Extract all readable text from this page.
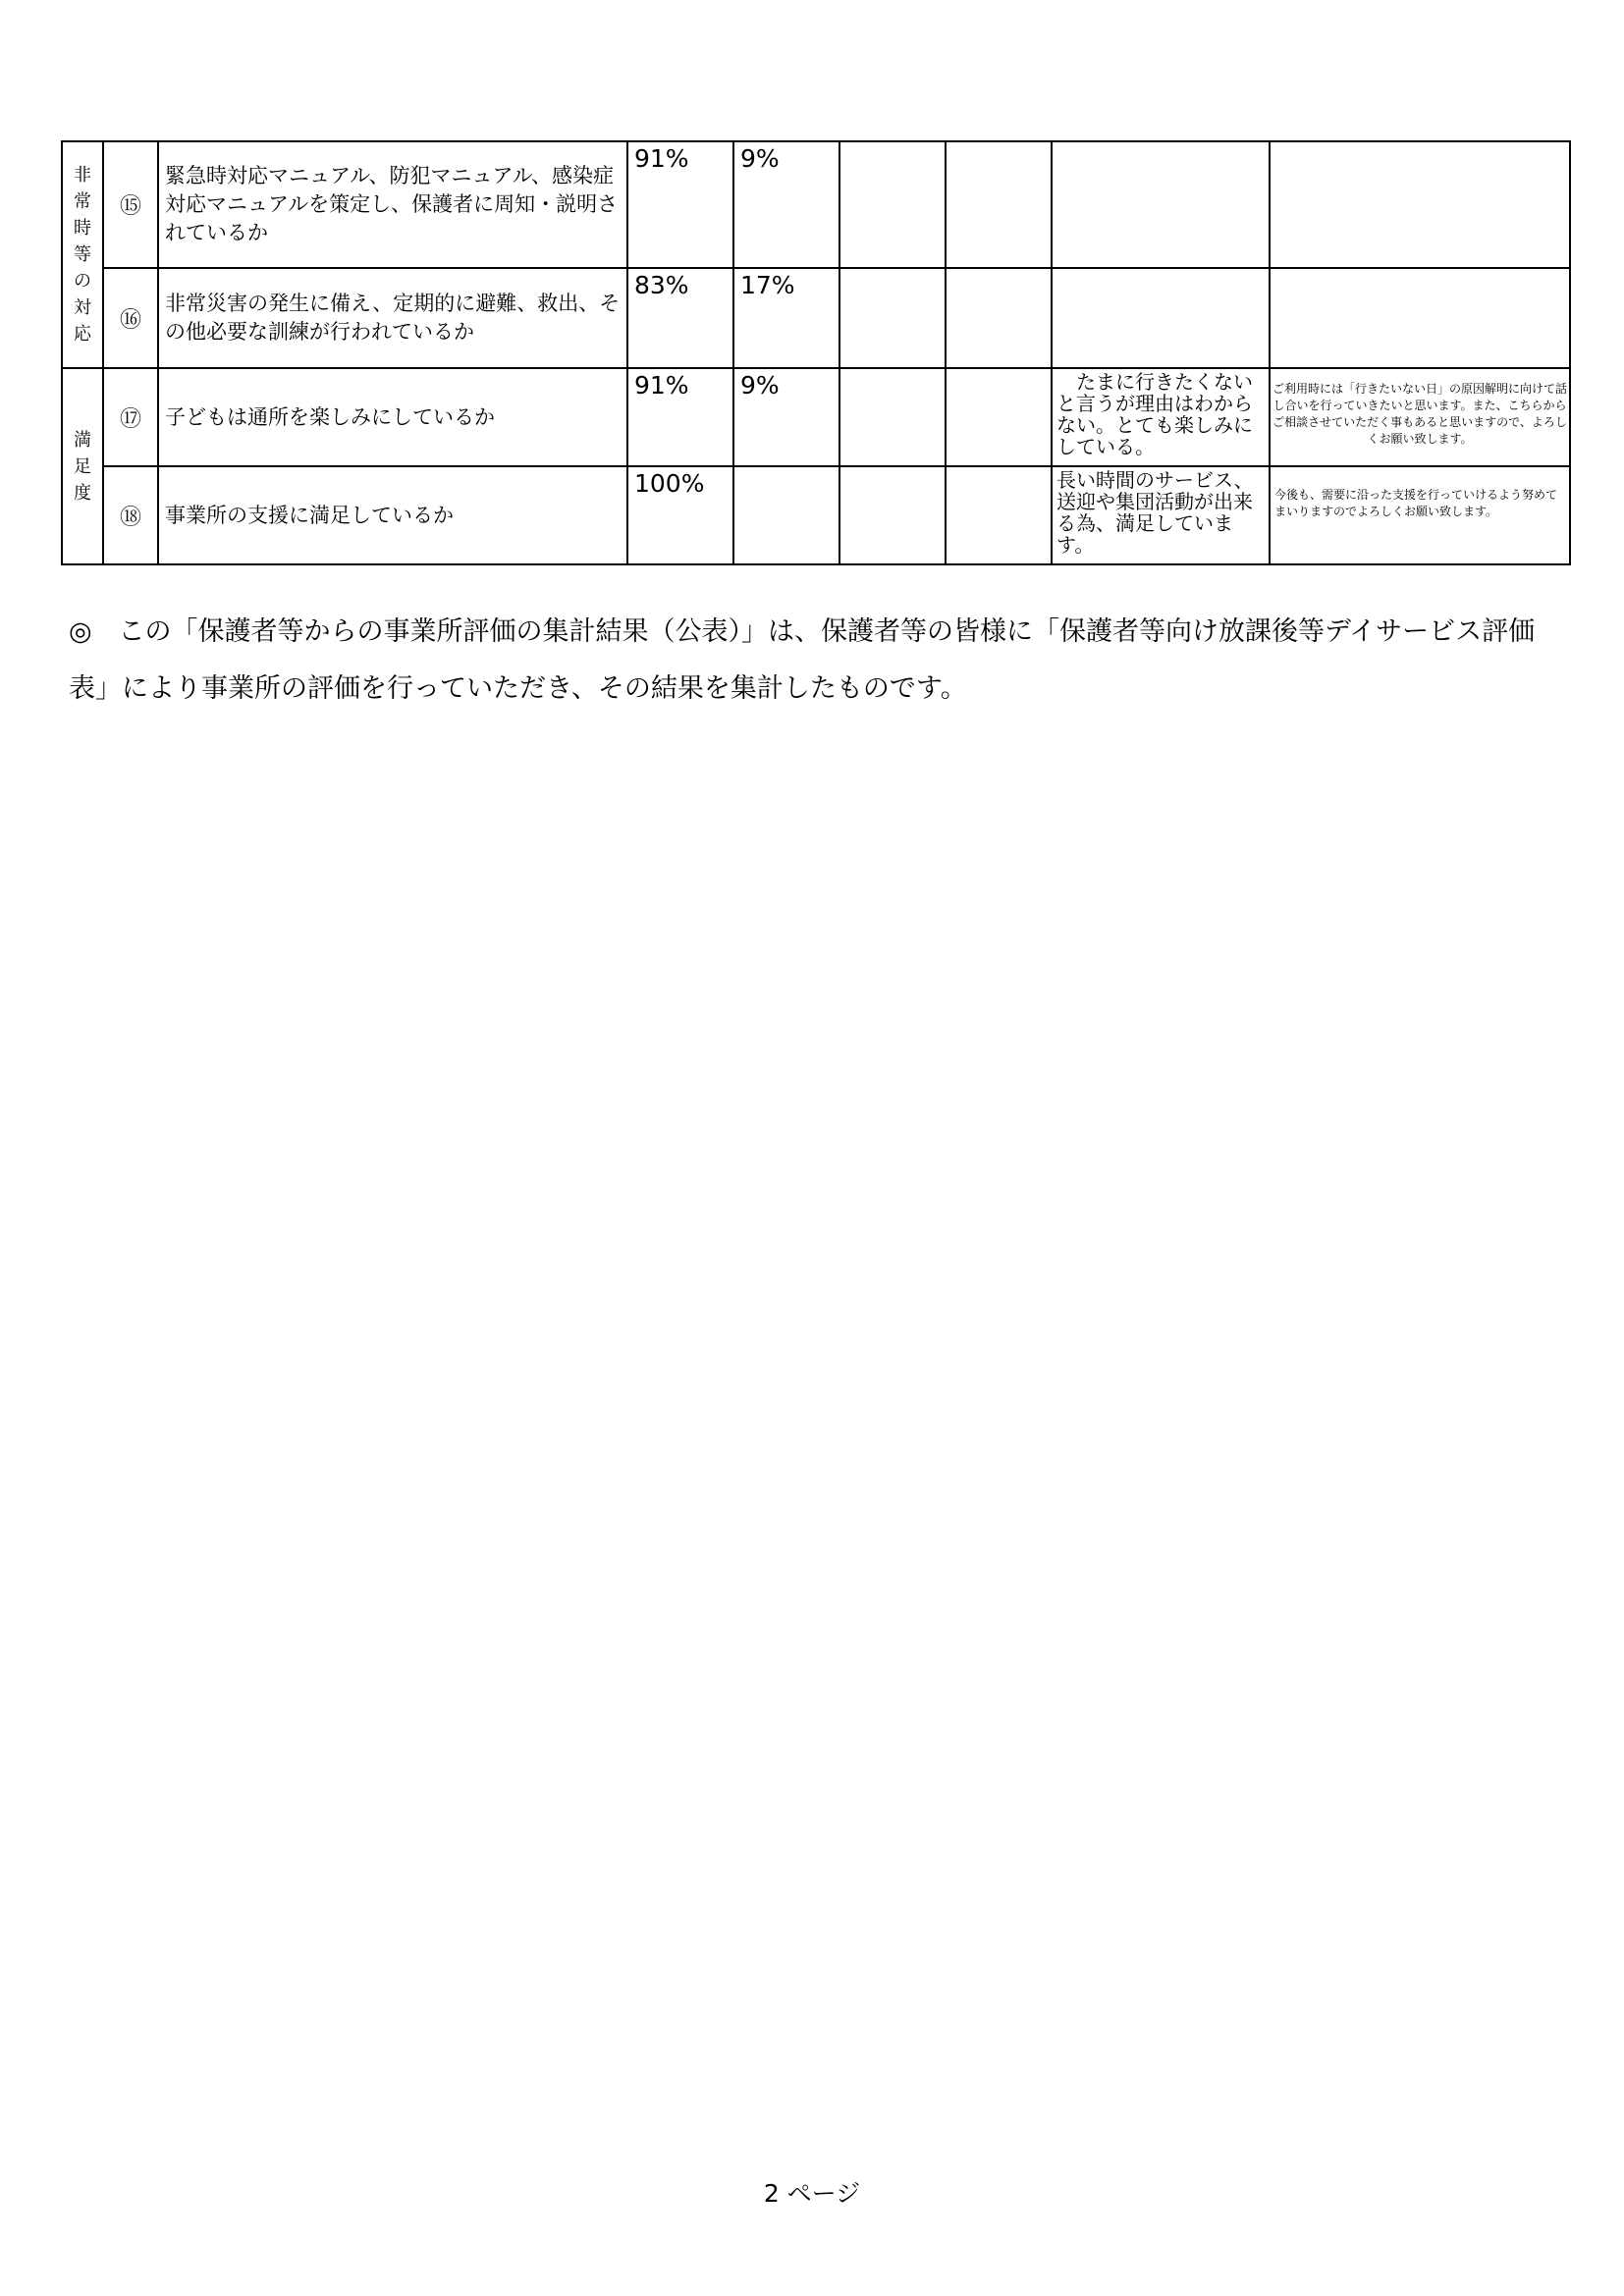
非常時等の対応	⑮	緊急時対応マニュアル、防犯マニュアル、感染症対応マニュアルを策定し、保護者に周知・説明されているか	91%	9%				
	⑯	非常災害の発生に備え、定期的に避難、救出、その他必要な訓練が行われているか	83%	17%				
満足度	⑰	子どもは通所を楽しみにしているか	91%	9%			　たまに行きたくないと言うが理由はわからない。とても楽しみにしている。	ご利用時には「行きたいない日」の原因解明に向けて話し合いを行っていきたいと思います。また、こちらからご相談させていただく事もあると思いますので、よろしくお願い致します。
	⑱	事業所の支援に満足しているか	100%				長い時間のサービス、送迎や集団活動が出来る為、満足しています。	今後も、需要に沿った支援を行っていけるよう努めてまいりますのでよろしくお願い致します。
◎　この「保護者等からの事業所評価の集計結果（公表）」は、保護者等の皆様に「保護者等向け放課後等デイサービス評価表」により事業所の評価を行っていただき、その結果を集計したものです。
2 ページ
